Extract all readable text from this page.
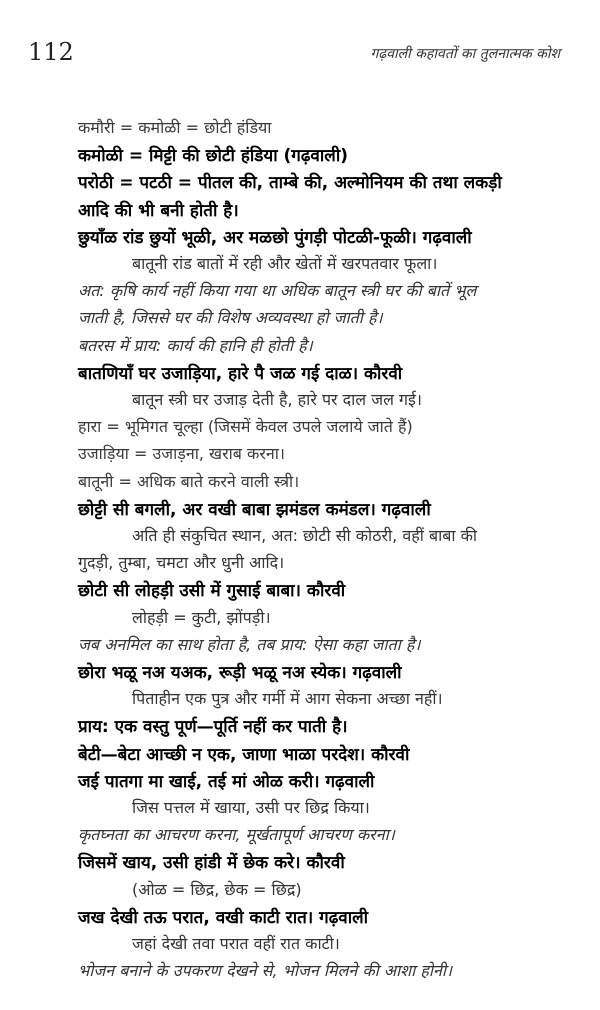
112	गढ़वाली कहावतों का तुलनात्मक कोश
कमौरी = कमोळी = छोटी हंडिया
कमोळी = मिट्टी की छोटी हंडिया (गढ़वाली)
परोठी = पटठी = पीतल की, ताम्बे की, अल्मोनियम की तथा लकड़ी
आदि की भी बनी होती है।
छुयाँळ रांड छुयों भूळी, अर मळछो पुंगड़ी पोटळी-फूळी। गढ़वाली
बातूनी रांड बातों में रही और खेतों में खरपतवार फूला।
अत: कृषि कार्य नहीं किया गया था अधिक बातून स्त्री घर की बातें भूल
जाती है, जिससे घर की विशेष अव्यवस्था हो जाती है।
बतरस में प्राय: कार्य की हानि ही होती है।
बातणियाँ घर उजाड़िया, हारे पै जळ गई दाळ। कौरवी
बातून स्त्री घर उजाड़ देती है, हारे पर दाल जल गई।
हारा = भूमिगत चूल्हा (जिसमें केवल उपले जलाये जाते हैं)
उजाड़िया = उजाड़ना, खराब करना।
बातूनी = अधिक बाते करने वाली स्त्री।
छोट्टी सी बगली, अर वखी बाबा झमंडल कमंडल। गढ़वाली
अति ही संकुचित स्थान, अत: छोटी सी कोठरी, वहीं बाबा की
गुदड़ी, तुम्बा, चमटा और धुनी आदि।
छोटी सी लोहड़ी उसी में गुसाई बाबा। कौरवी
लोहड़ी = कुटी, झोंपड़ी।
जब अनमिल का साथ होता है, तब प्राय: ऐसा कहा जाता है।
छोरा भळू नअ यअक, रूड़ी भळू नअ स्येक। गढ़वाली
पिताहीन एक पुत्र और गर्मी में आग सेकना अच्छा नहीं।
प्राय: एक वस्तु पूर्ण—पूर्ति नहीं कर पाती है।
बेटी—बेटा आच्छी न एक, जाणा भाळा परदेश। कौरवी
जई पातगा मा खाई, तई मां ओळ करी। गढ़वाली
जिस पत्तल में खाया, उसी पर छिद्र किया।
कृतघ्नता का आचरण करना, मूर्खतापूर्ण आचरण करना।
जिसमें खाय, उसी हांडी में छेक करे। कौरवी
(ओळ = छिद्र, छेक = छिद्र)
जख देखी तऊ परात, वखी काटी रात। गढ़वाली
जहां देखी तवा परात वहीं रात काटी।
भोजन बनाने के उपकरण देखने से, भोजन मिलने की आशा होनी।
